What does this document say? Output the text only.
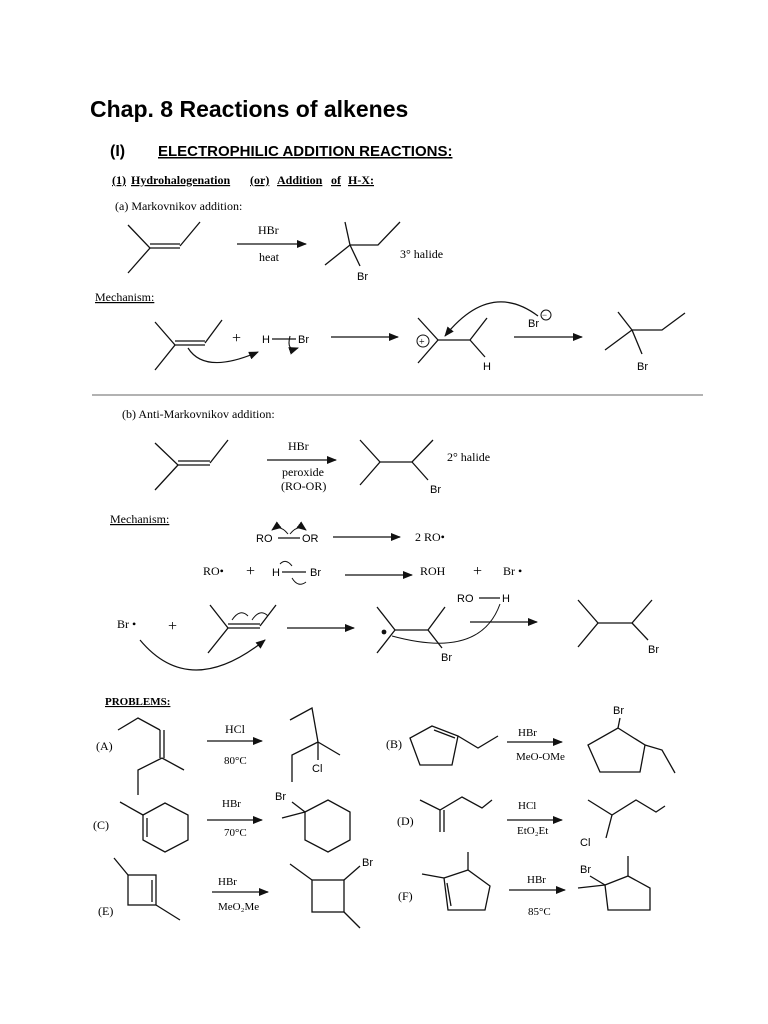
Chap. 8 Reactions of alkenes
(I) ELECTROPHILIC ADDITION REACTIONS:
(1) Hydrohalogenation (or) Addition of H-X:
(a) Markovnikov addition:
HBr
heat
Br
3° halide
Mechanism:
+ H	Br	+
H
Br
−
Br
(b) Anti-Markovnikov addition:
HBr
peroxide
(RO-OR)	Br
2° halide
Mechanism:
RO	OR	2 RO•
RO• + H	Br	ROH + Br •
Br • +
Br
RO	H
Br
PROBLEMS:
(A)
HCl
80°C
Cl
(B)
HBr
MeO-OMe
Br
(C)
HBr
70°C
Br
(D)
HCl
EtO₂Et
Cl
(E)
HBr
MeO₂Me
Br
(F)
HBr
85°C
Br
